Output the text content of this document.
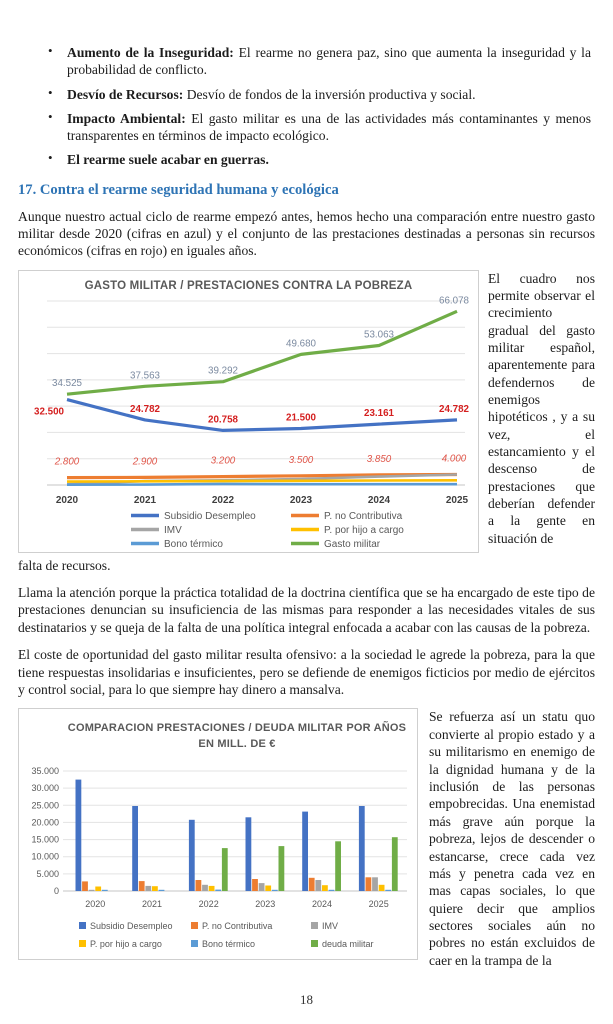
• Aumento de la Inseguridad: El rearme no genera paz, sino que aumenta la inseguridad y la probabilidad de conflicto.
• Desvío de Recursos: Desvío de fondos de la inversión productiva y social.
• Impacto Ambiental: El gasto militar es una de las actividades más contaminantes y menos transparentes en términos de impacto ecológico.
• El rearme suele acabar en guerras.
17. Contra el rearme seguridad humana y ecológica

Aunque nuestro actual ciclo de rearme empezó antes, hemos hecho una comparación entre nuestro gasto militar desde 2020 (cifras en azul) y el conjunto de las prestaciones destinadas a personas sin recursos económicos (cifras en rojo) en iguales años.

GASTO MILITAR / PRESTACIONES CONTRA LA POBREZA
32.500	24.782
20.758	21.500	23.161	24.782
2.800	2.900	3.200	3.500	3.850	4.000
34.525
37.563	39.292
49.680
53.063
66.078
2020	2021	2022	2023	2024	2025
Subsidio Desempleo
IMV
Bono térmico
P. no Contributiva
P. por hijo a cargo
Gasto militar
El cuadro nos permite observar el crecimiento gradual del gasto militar español, aparentemente para defendernos de enemigos hipotéticos , y a su vez, el estancamiento y el descenso de prestaciones que deberían defender a la gente en situación de

falta de recursos.

Llama la atención porque la práctica totalidad de la doctrina científica que se ha encargado de este tipo de prestaciones denuncian su insuficiencia de las mismas para responder a las necesidades vitales de sus destinatarios y se queja de la falta de una política integral enfocada a acabar con las causas de la pobreza.

El coste de oportunidad del gasto militar resulta ofensivo: a la sociedad le agrede la pobreza, para la que tiene respuestas insolidarias e insuficientes, pero se defiende de enemigos ficticios por medio de ejércitos y control social, para lo que siempre hay dinero a mansalva.

COMPARACION PRESTACIONES / DEUDA MILITAR POR AÑOS
EN MILL. DE €
0
5.000
10.000
15.000
20.000
25.000
30.000
35.000
2020	2021	2022	2023	2024	2025
Subsidio Desempleo	P. no Contributiva	IMV
P. por hijo a cargo	Bono térmico	deuda militar
Se refuerza así un statu quo convierte al propio estado y a su militarismo en enemigo de la dignidad humana y de la inclusión de las personas empobrecidas. Una enemistad más grave aún porque la pobreza, lejos de descender o estancarse, crece cada vez más y penetra cada vez en mas capas sociales, lo que quiere decir que amplios sectores sociales aún no pobres no están excluidos de caer en la trampa de la
18
